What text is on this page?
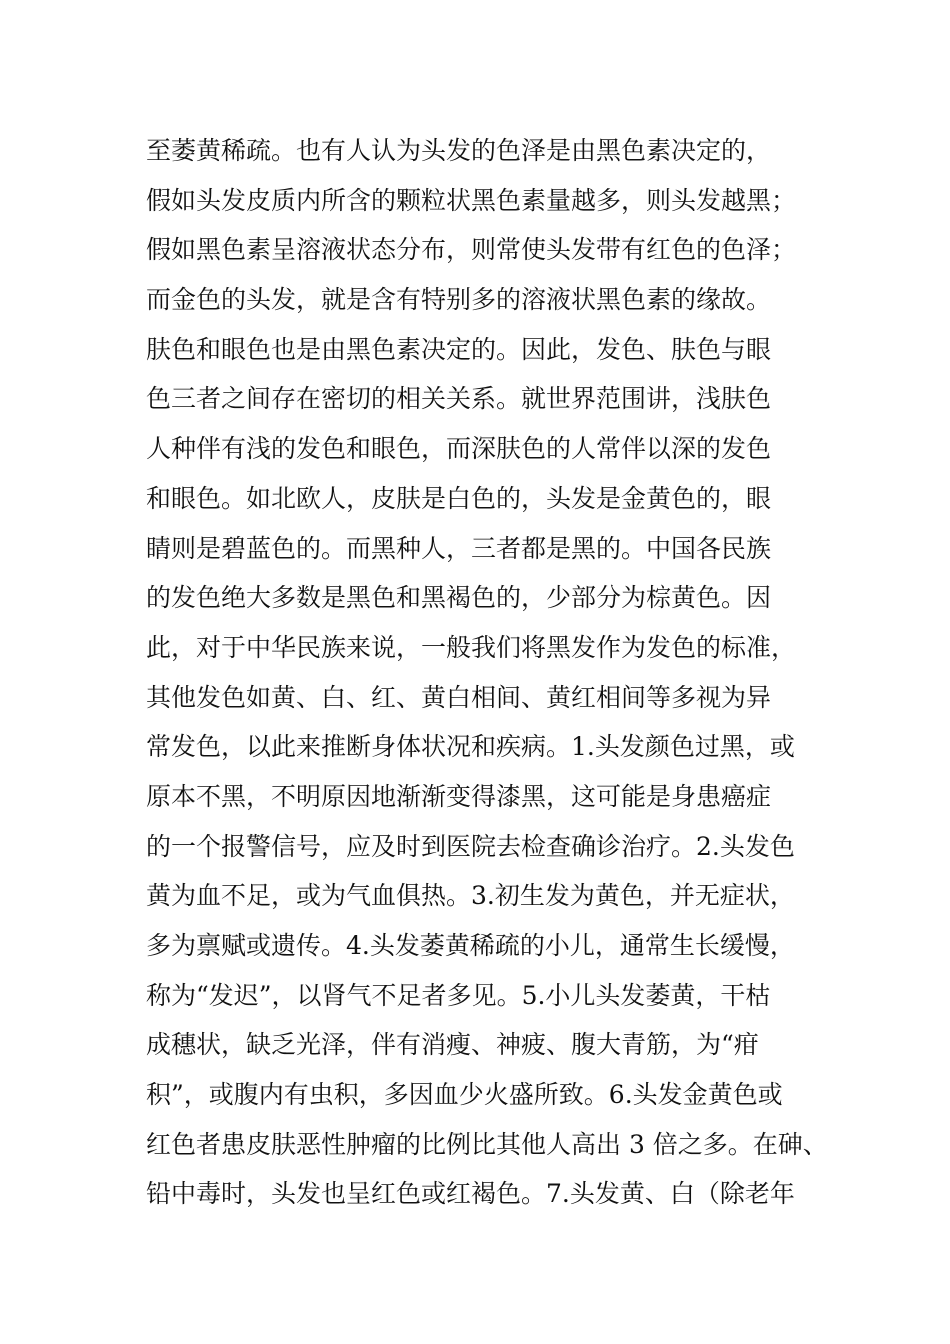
至萎黄稀疏。也有人认为头发的色泽是由黑色素决定的，
假如头发皮质内所含的颗粒状黑色素量越多，则头发越黑；
假如黑色素呈溶液状态分布，则常使头发带有红色的色泽；
而金色的头发，就是含有特别多的溶液状黑色素的缘故。
肤色和眼色也是由黑色素决定的。因此，发色、肤色与眼
色三者之间存在密切的相关关系。就世界范围讲，浅肤色
人种伴有浅的发色和眼色，而深肤色的人常伴以深的发色
和眼色。如北欧人，皮肤是白色的，头发是金黄色的，眼
睛则是碧蓝色的。而黑种人，三者都是黑的。中国各民族
的发色绝大多数是黑色和黑褐色的，少部分为棕黄色。因
此，对于中华民族来说，一般我们将黑发作为发色的标准，
其他发色如黄、白、红、黄白相间、黄红相间等多视为异
常发色，以此来推断身体状况和疾病。1.头发颜色过黑，或
原本不黑，不明原因地渐渐变得漆黑，这可能是身患癌症
的一个报警信号，应及时到医院去检查确诊治疗。2.头发色
黄为血不足，或为气血俱热。3.初生发为黄色，并无症状，
多为禀赋或遗传。4.头发萎黄稀疏的小儿，通常生长缓慢，
称为“发迟”，以肾气不足者多见。5.小儿头发萎黄，干枯
成穗状，缺乏光泽，伴有消瘦、神疲、腹大青筋，为“疳
积”，或腹内有虫积，多因血少火盛所致。6.头发金黄色或
红色者患皮肤恶性肿瘤的比例比其他人高出 3 倍之多。在砷、
铅中毒时，头发也呈红色或红褐色。7.头发黄、白（除老年
